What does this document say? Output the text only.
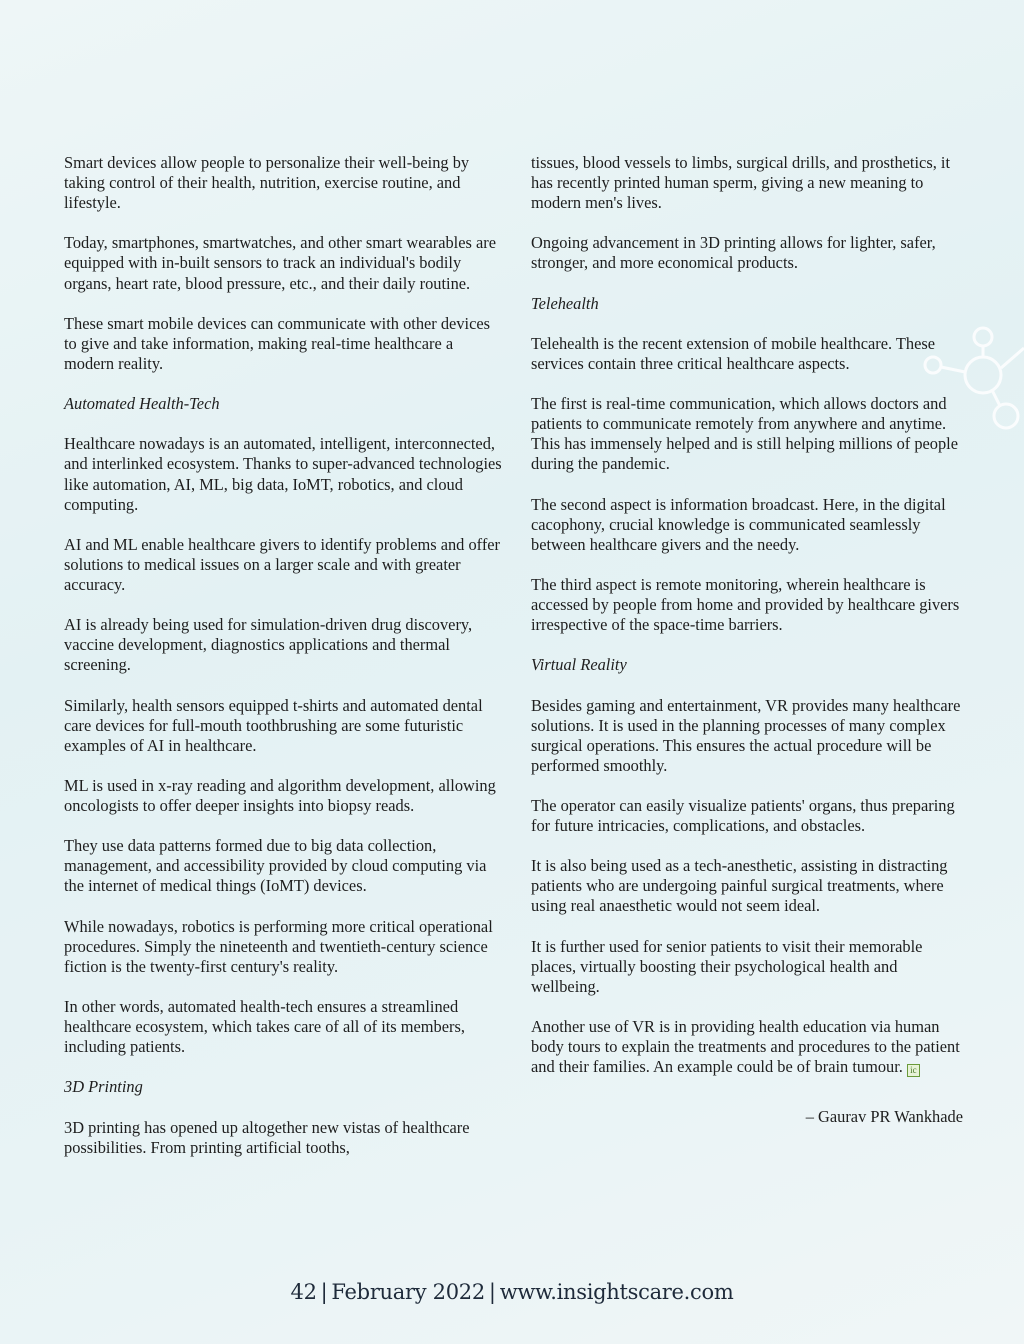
Smart devices allow people to personalize their well-being by taking control of their health, nutrition, exercise routine, and lifestyle.

Today, smartphones, smartwatches, and other smart wearables are equipped with in-built sensors to track an individual's bodily organs, heart rate, blood pressure, etc., and their daily routine.

These smart mobile devices can communicate with other devices to give and take information, making real-time healthcare a modern reality.

Automated Health-Tech

Healthcare nowadays is an automated, intelligent, interconnected, and interlinked ecosystem. Thanks to super-advanced technologies like automation, AI, ML, big data, IoMT, robotics, and cloud computing.

AI and ML enable healthcare givers to identify problems and offer solutions to medical issues on a larger scale and with greater accuracy.

AI is already being used for simulation-driven drug discovery, vaccine development, diagnostics applications and thermal screening.

Similarly, health sensors equipped t-shirts and automated dental care devices for full-mouth toothbrushing are some futuristic examples of AI in healthcare.

ML is used in x-ray reading and algorithm development, allowing oncologists to offer deeper insights into biopsy reads.

They use data patterns formed due to big data collection, management, and accessibility provided by cloud computing via the internet of medical things (IoMT) devices.

While nowadays, robotics is performing more critical operational procedures. Simply the nineteenth and twentieth-century science fiction is the twenty-first century's reality.

In other words, automated health-tech ensures a streamlined healthcare ecosystem, which takes care of all of its members, including patients.

3D Printing

3D printing has opened up altogether new vistas of healthcare possibilities. From printing artificial tooths,

tissues, blood vessels to limbs, surgical drills, and prosthetics, it has recently printed human sperm, giving a new meaning to modern men's lives.

Ongoing advancement in 3D printing allows for lighter, safer, stronger, and more economical products.

Telehealth

Telehealth is the recent extension of mobile healthcare. These services contain three critical healthcare aspects.

The first is real-time communication, which allows doctors and patients to communicate remotely from anywhere and anytime. This has immensely helped and is still helping millions of people during the pandemic.

The second aspect is information broadcast. Here, in the digital cacophony, crucial knowledge is communicated seamlessly between healthcare givers and the needy.

The third aspect is remote monitoring, wherein healthcare is accessed by people from home and provided by healthcare givers irrespective of the space-time barriers.

Virtual Reality

Besides gaming and entertainment, VR provides many healthcare solutions. It is used in the planning processes of many complex surgical operations. This ensures the actual procedure will be performed smoothly.

The operator can easily visualize patients' organs, thus preparing for future intricacies, complications, and obstacles.

It is also being used as a tech-anesthetic, assisting in distracting patients who are undergoing painful surgical treatments, where using real anaesthetic would not seem ideal.

It is further used for senior patients to visit their memorable places, virtually boosting their psychological health and wellbeing.

Another use of VR is in providing health education via human body tours to explain the treatments and procedures to the patient and their families. An example could be of brain tumour. ic

– Gaurav PR Wankhade

42 | February 2022 | www.insightscare.com
